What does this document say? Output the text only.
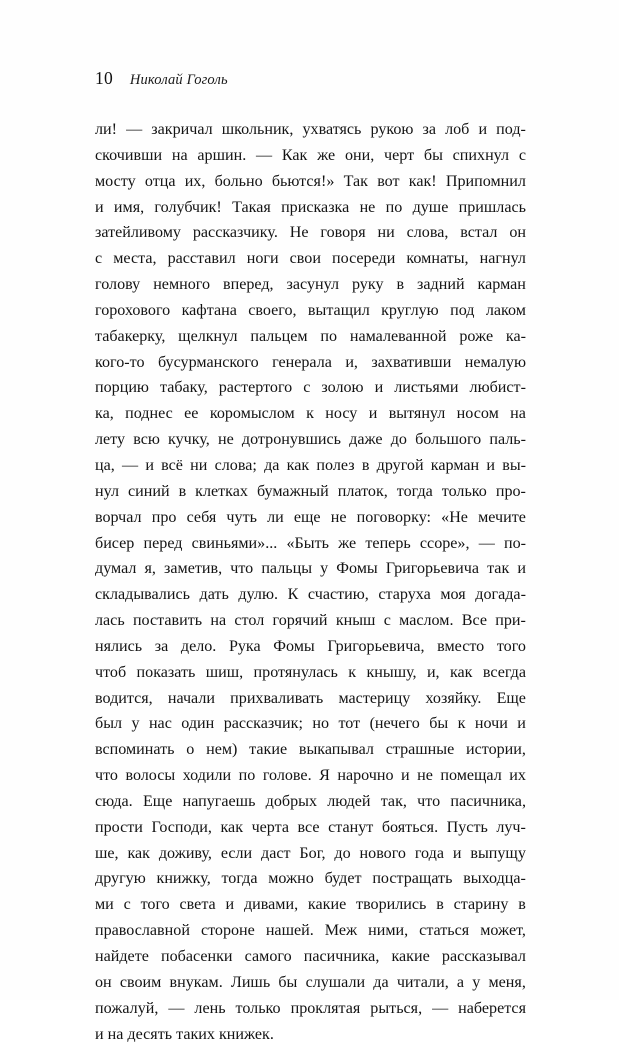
10 Николай Гоголь
ли! — закричал школьник, ухватясь рукою за лоб и под-
скочивши на аршин. — Как же они, черт бы спихнул с
мосту отца их, больно бьются!» Так вот как! Припомнил
и имя, голубчик! Такая присказка не по душе пришлась
затейливому рассказчику. Не говоря ни слова, встал он
с места, расставил ноги свои посереди комнаты, нагнул
голову немного вперед, засунул руку в задний карман
горохового кафтана своего, вытащил круглую под лаком
табакерку, щелкнул пальцем по намалеванной роже ка-
кого-то бусурманского генерала и, захвативши немалую
порцию табаку, растертого с золою и листьями любист-
ка, поднес ее коромыслом к носу и вытянул носом на
лету всю кучку, не дотронувшись даже до большого паль-
ца, — и всё ни слова; да как полез в другой карман и вы-
нул синий в клетках бумажный платок, тогда только про-
ворчал про себя чуть ли еще не поговорку: «Не мечите
бисер перед свиньями»... «Быть же теперь ссоре», — по-
думал я, заметив, что пальцы у Фомы Григорьевича так и
складывались дать дулю. К счастию, старуха моя догада-
лась поставить на стол горячий кныш с маслом. Все при-
нялись за дело. Рука Фомы Григорьевича, вместо того
чтоб показать шиш, протянулась к кнышу, и, как всегда
водится, начали прихваливать мастерицу хозяйку. Еще
был у нас один рассказчик; но тот (нечего бы к ночи и
вспоминать о нем) такие выкапывал страшные истории,
что волосы ходили по голове. Я нарочно и не помещал их
сюда. Еще напугаешь добрых людей так, что пасичника,
прости Господи, как черта все станут бояться. Пусть луч-
ше, как доживу, если даст Бог, до нового года и выпущу
другую книжку, тогда можно будет постращать выходца-
ми с того света и дивами, какие творились в старину в
православной стороне нашей. Меж ними, статься может,
найдете побасенки самого пасичника, какие рассказывал
он своим внукам. Лишь бы слушали да читали, а у меня,
пожалуй, — лень только проклятая рыться, — наберется
и на десять таких книжек.
